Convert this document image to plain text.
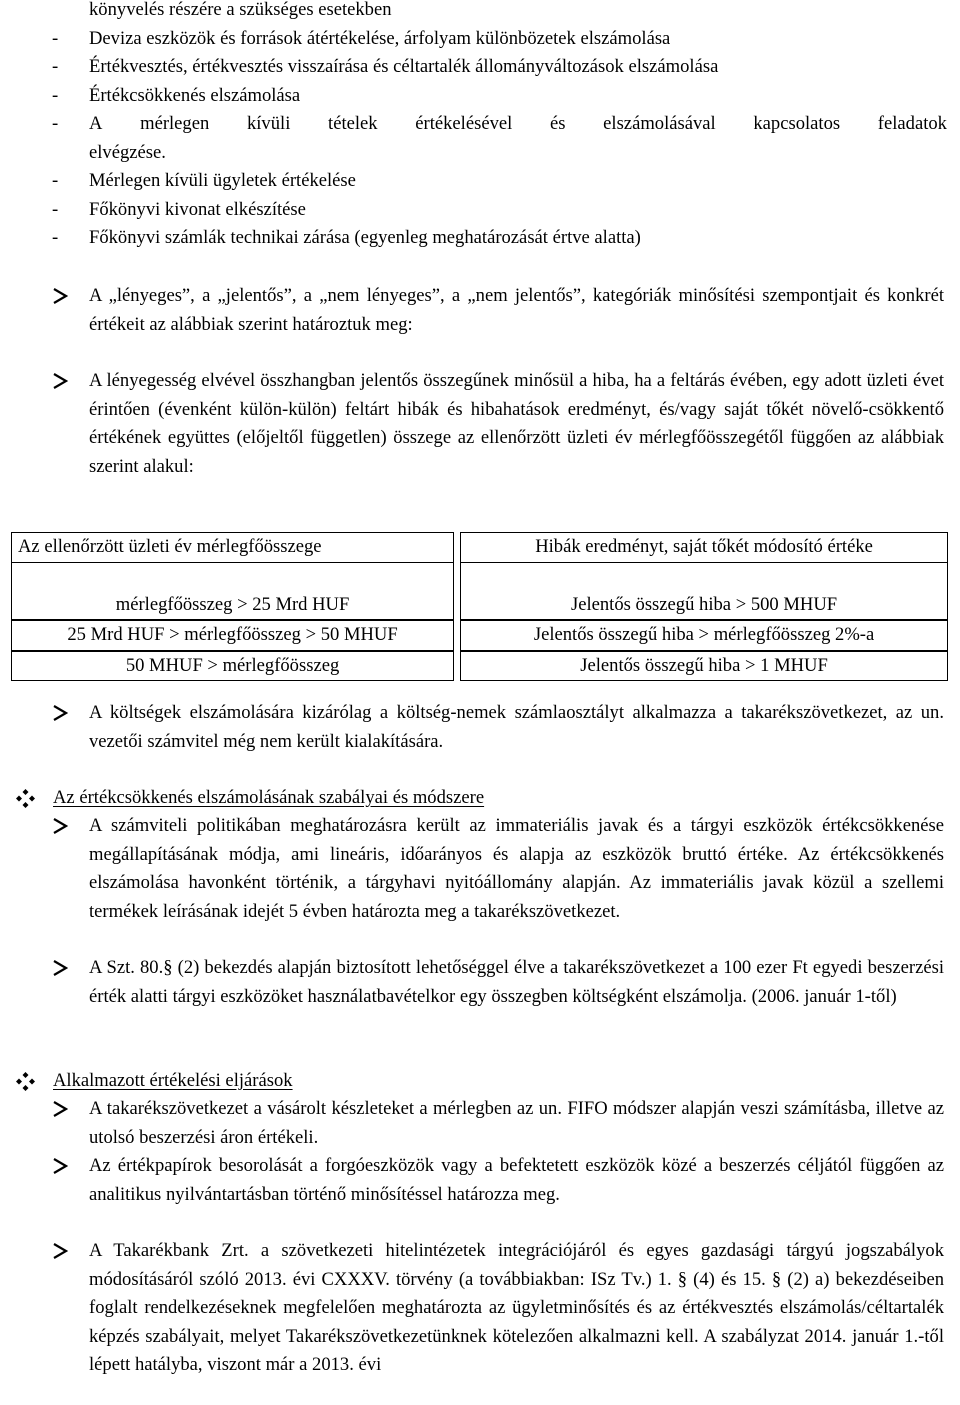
könyvelés részére a szükséges esetekben
-	Deviza eszközök és források átértékelése, árfolyam különbözetek elszámolása
-	Értékvesztés, értékvesztés visszaírása és céltartalék állományváltozások elszámolása
-	Értékcsökkenés elszámolása
-	A mérlegen kívüli tételek értékelésével és elszámolásával kapcsolatos feladatok
elvégzése.
-	Mérlegen kívüli ügyletek értékelése
-	Főkönyvi kivonat elkészítése
-	Főkönyvi számlák technikai zárása (egyenleg meghatározását értve alatta)
A „lényeges”, a „jelentős”, a „nem lényeges”, a „nem jelentős”, kategóriák minősítési szempontjait és konkrét értékeit az alábbiak szerint határoztuk meg:
A lényegesség elvével összhangban jelentős összegűnek minősül a hiba, ha a feltárás évében, egy adott üzleti évet érintően (évenként külön-külön) feltárt hibák és hibahatások eredményt, és/vagy saját tőkét növelő-csökkentő értékének együttes (előjeltől független) összege az ellenőrzött üzleti év mérlegfőösszegétől függően az alábbiak szerint alakul:
Az ellenőrzött üzleti év mérlegfőösszege	Hibák eredményt, saját tőkét módosító értéke

mérlegfőösszeg > 25 Mrd HUF	Jelentős összegű hiba > 500 MHUF
25 Mrd HUF > mérlegfőösszeg > 50 MHUF	Jelentős összegű hiba > mérlegfőösszeg 2%-a
50 MHUF > mérlegfőösszeg	Jelentős összegű hiba > 1 MHUF
A költségek elszámolására kizárólag a költség-nemek számlaosztályt alkalmazza a takarékszövetkezet, az un. vezetői számvitel még nem került kialakítására.
Az értékcsökkenés elszámolásának szabályai és módszere
A számviteli politikában meghatározásra került az immateriális javak és a tárgyi eszközök értékcsökkenése megállapításának módja, ami lineáris, időarányos és alapja az eszközök bruttó értéke. Az értékcsökkenés elszámolása havonként történik, a tárgyhavi nyitóállomány alapján. Az immateriális javak közül a szellemi termékek leírásának idejét 5 évben határozta meg a takarékszövetkezet.
A Szt. 80.§ (2) bekezdés alapján biztosított lehetőséggel élve a takarékszövetkezet a 100 ezer Ft egyedi beszerzési érték alatti tárgyi eszközöket használatbavételkor egy összegben költségként elszámolja. (2006. január 1-től)
Alkalmazott értékelési eljárások
A takarékszövetkezet a vásárolt készleteket a mérlegben az un. FIFO módszer alapján veszi számításba, illetve az utolsó beszerzési áron értékeli.
Az értékpapírok besorolását a forgóeszközök vagy a befektetett eszközök közé a beszerzés céljától függően az analitikus nyilvántartásban történő minősítéssel határozza meg.
A Takarékbank Zrt. a szövetkezeti hitelintézetek integrációjáról és egyes gazdasági tárgyú jogszabályok módosításáról szóló 2013. évi CXXXV. törvény (a továbbiakban: ISz Tv.) 1. § (4) és 15. § (2) a) bekezdéseiben foglalt rendelkezéseknek megfelelően meghatározta az ügyletminősítés és az értékvesztés elszámolás/céltartalék képzés szabályait, melyet Takarékszövetkezetünknek kötelezően alkalmazni kell. A szabályzat 2014. január 1.-től lépett hatályba, viszont már a 2013. évi
